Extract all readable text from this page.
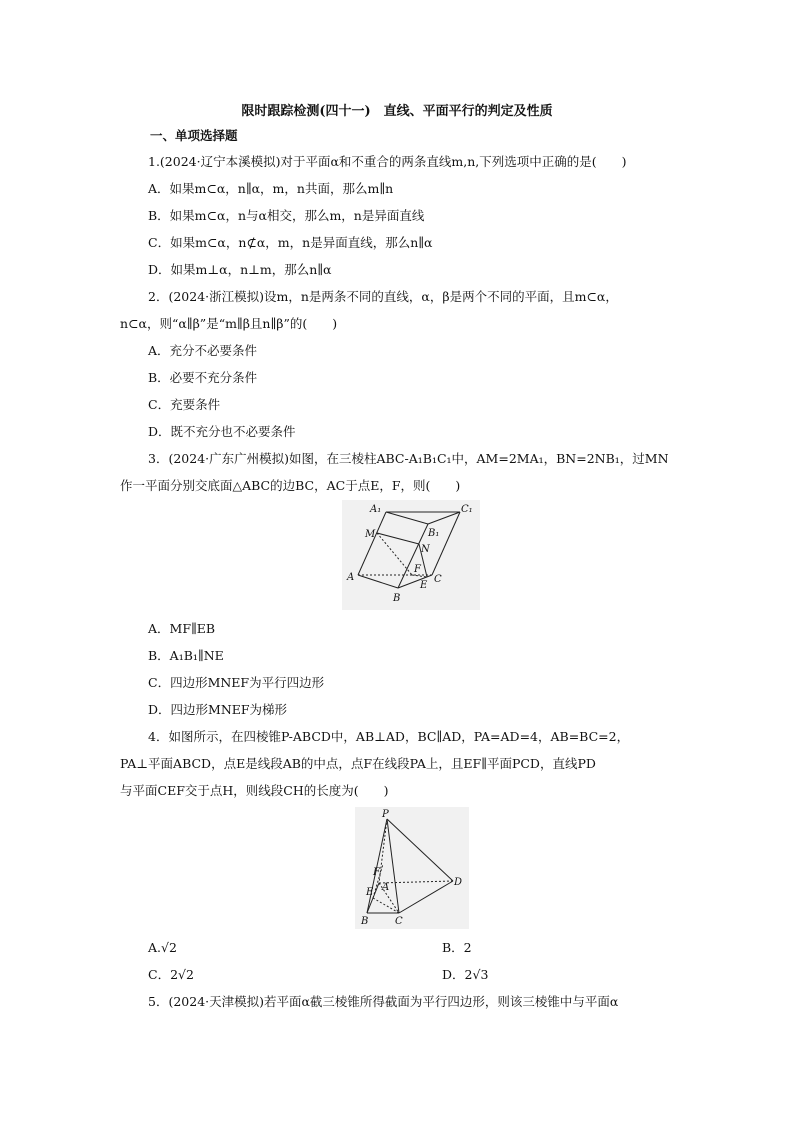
限时跟踪检测(四十一)　直线、平面平行的判定及性质
一、单项选择题
1.(2024·辽宁本溪模拟)对于平面α和不重合的两条直线m,n,下列选项中正确的是(　　)
A．如果m⊂α，n∥α，m，n共面，那么m∥n
B．如果m⊂α，n与α相交，那么m，n是异面直线
C．如果m⊂α，n⊄α，m，n是异面直线，那么n∥α
D．如果m⊥α，n⊥m，那么n∥α
2．(2024·浙江模拟)设m，n是两条不同的直线，α，β是两个不同的平面，且m⊂α，
n⊂α，则“α∥β”是“m∥β且n∥β”的(　　)
A．充分不必要条件
B．必要不充分条件
C．充要条件
D．既不充分也不必要条件
3．(2024·广东广州模拟)如图，在三棱柱ABC-A₁B₁C₁中，AM=2MA₁，BN=2NB₁，过MN
作一平面分别交底面△ABC的边BC，AC于点E，F，则(　　)
A₁	C₁
B₁
M
N
F
A	C
E
B
A．MF∥EB
B．A₁B₁∥NE
C．四边形MNEF为平行四边形
D．四边形MNEF为梯形
4．如图所示，在四棱锥P-ABCD中，AB⊥AD，BC∥AD，PA=AD=4，AB=BC=2，
PA⊥平面ABCD，点E是线段AB的中点，点F在线段PA上，且EF∥平面PCD，直线PD
与平面CEF交于点H，则线段CH的长度为(　　)
P
F
E A	D
B	C
A.√2	B．2
C．2√2	D．2√3
5．(2024·天津模拟)若平面α截三棱锥所得截面为平行四边形，则该三棱锥中与平面α
